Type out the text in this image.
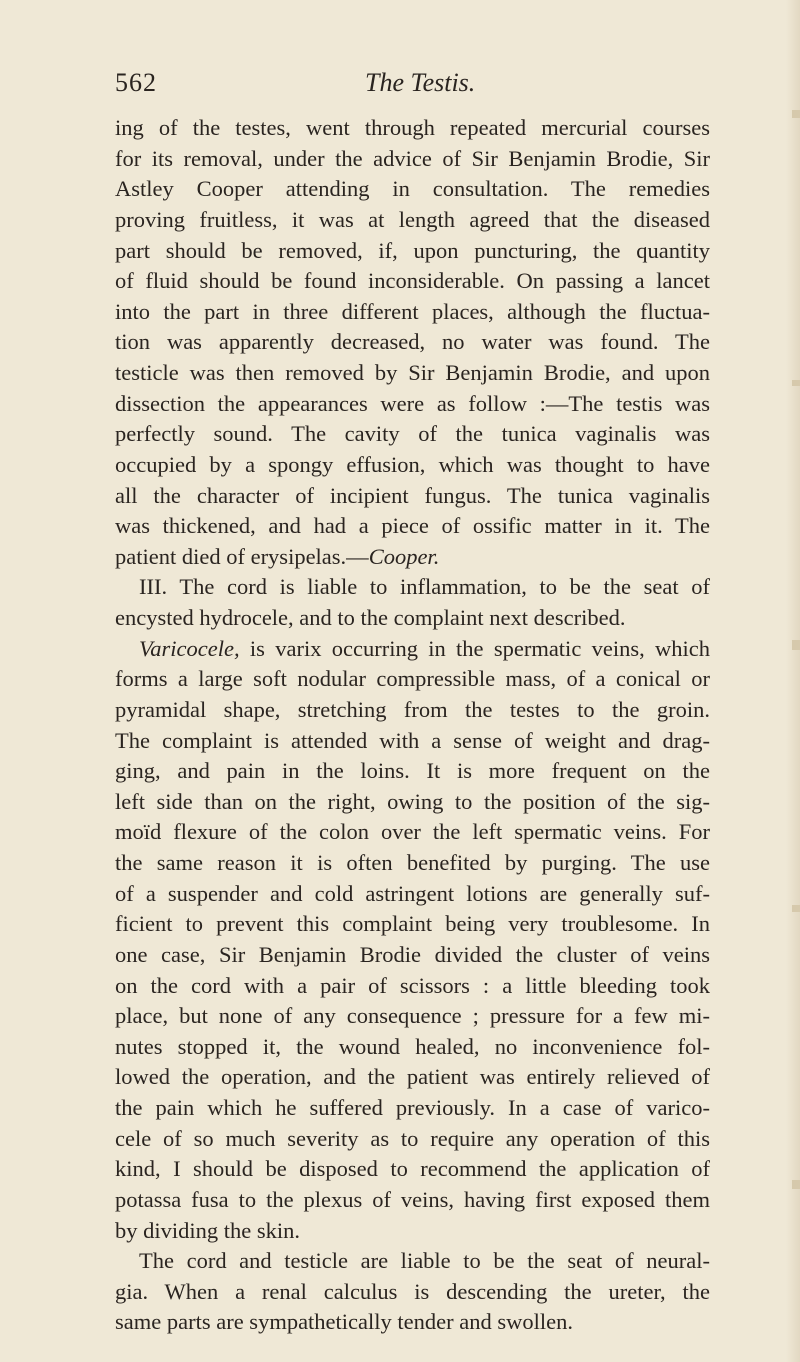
562	The Testis.
ing of the testes, went through repeated mercurial courses
for its removal, under the advice of Sir Benjamin Brodie, Sir
Astley Cooper attending in consultation. The remedies
proving fruitless, it was at length agreed that the diseased
part should be removed, if, upon puncturing, the quantity
of fluid should be found inconsiderable. On passing a lancet
into the part in three different places, although the fluctua-
tion was apparently decreased, no water was found. The
testicle was then removed by Sir Benjamin Brodie, and upon
dissection the appearances were as follow :—The testis was
perfectly sound. The cavity of the tunica vaginalis was
occupied by a spongy effusion, which was thought to have
all the character of incipient fungus. The tunica vaginalis
was thickened, and had a piece of ossific matter in it. The
patient died of erysipelas.—Cooper.
III. The cord is liable to inflammation, to be the seat of
encysted hydrocele, and to the complaint next described.
Varicocele, is varix occurring in the spermatic veins, which
forms a large soft nodular compressible mass, of a conical or
pyramidal shape, stretching from the testes to the groin.
The complaint is attended with a sense of weight and drag-
ging, and pain in the loins. It is more frequent on the
left side than on the right, owing to the position of the sig-
moïd flexure of the colon over the left spermatic veins. For
the same reason it is often benefited by purging. The use
of a suspender and cold astringent lotions are generally suf-
ficient to prevent this complaint being very troublesome. In
one case, Sir Benjamin Brodie divided the cluster of veins
on the cord with a pair of scissors : a little bleeding took
place, but none of any consequence ; pressure for a few mi-
nutes stopped it, the wound healed, no inconvenience fol-
lowed the operation, and the patient was entirely relieved of
the pain which he suffered previously. In a case of varico-
cele of so much severity as to require any operation of this
kind, I should be disposed to recommend the application of
potassa fusa to the plexus of veins, having first exposed them
by dividing the skin.
The cord and testicle are liable to be the seat of neural-
gia. When a renal calculus is descending the ureter, the
same parts are sympathetically tender and swollen.
